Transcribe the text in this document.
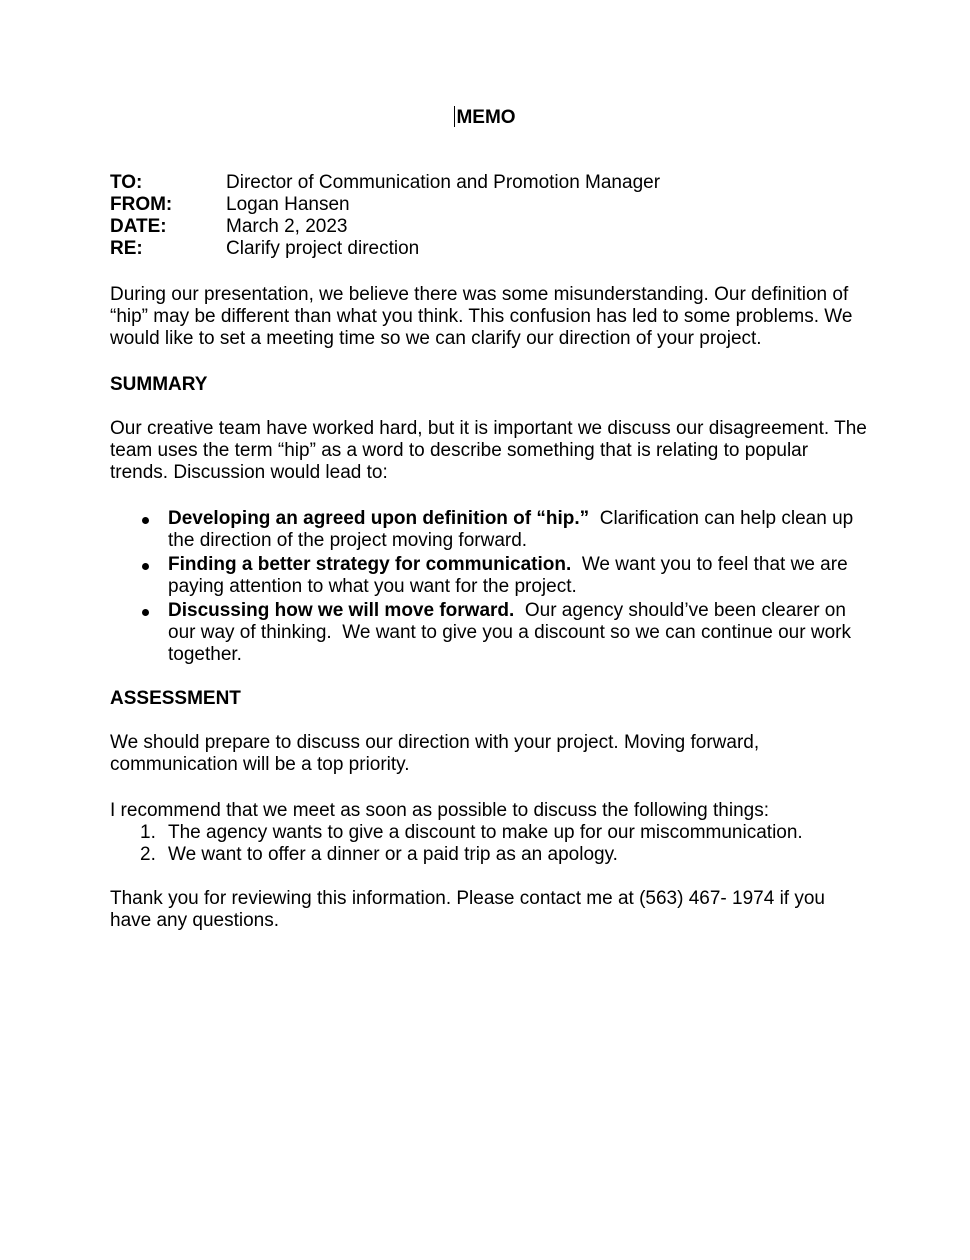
MEMO
TO:	Director of Communication and Promotion Manager
FROM:	Logan Hansen
DATE:	March 2, 2023
RE:	Clarify project direction

During our presentation, we believe there was some misunderstanding. Our definition of “hip” may be different than what you think. This confusion has led to some problems. We would like to set a meeting time so we can clarify our direction of your project.

SUMMARY

Our creative team have worked hard, but it is important we discuss our disagreement. The team uses the term “hip” as a word to describe something that is relating to popular trends. Discussion would lead to:

Developing an agreed upon definition of “hip.”  Clarification can help clean up the direction of the project moving forward.
Finding a better strategy for communication.  We want you to feel that we are paying attention to what you want for the project.
Discussing how we will move forward.  Our agency should’ve been clearer on our way of thinking.  We want to give you a discount so we can continue our work together.

ASSESSMENT

We should prepare to discuss our direction with your project. Moving forward, communication will be a top priority.

I recommend that we meet as soon as possible to discuss the following things:

1. The agency wants to give a discount to make up for our miscommunication.
2. We want to offer a dinner or a paid trip as an apology.

Thank you for reviewing this information. Please contact me at (563) 467- 1974 if you have any questions.
